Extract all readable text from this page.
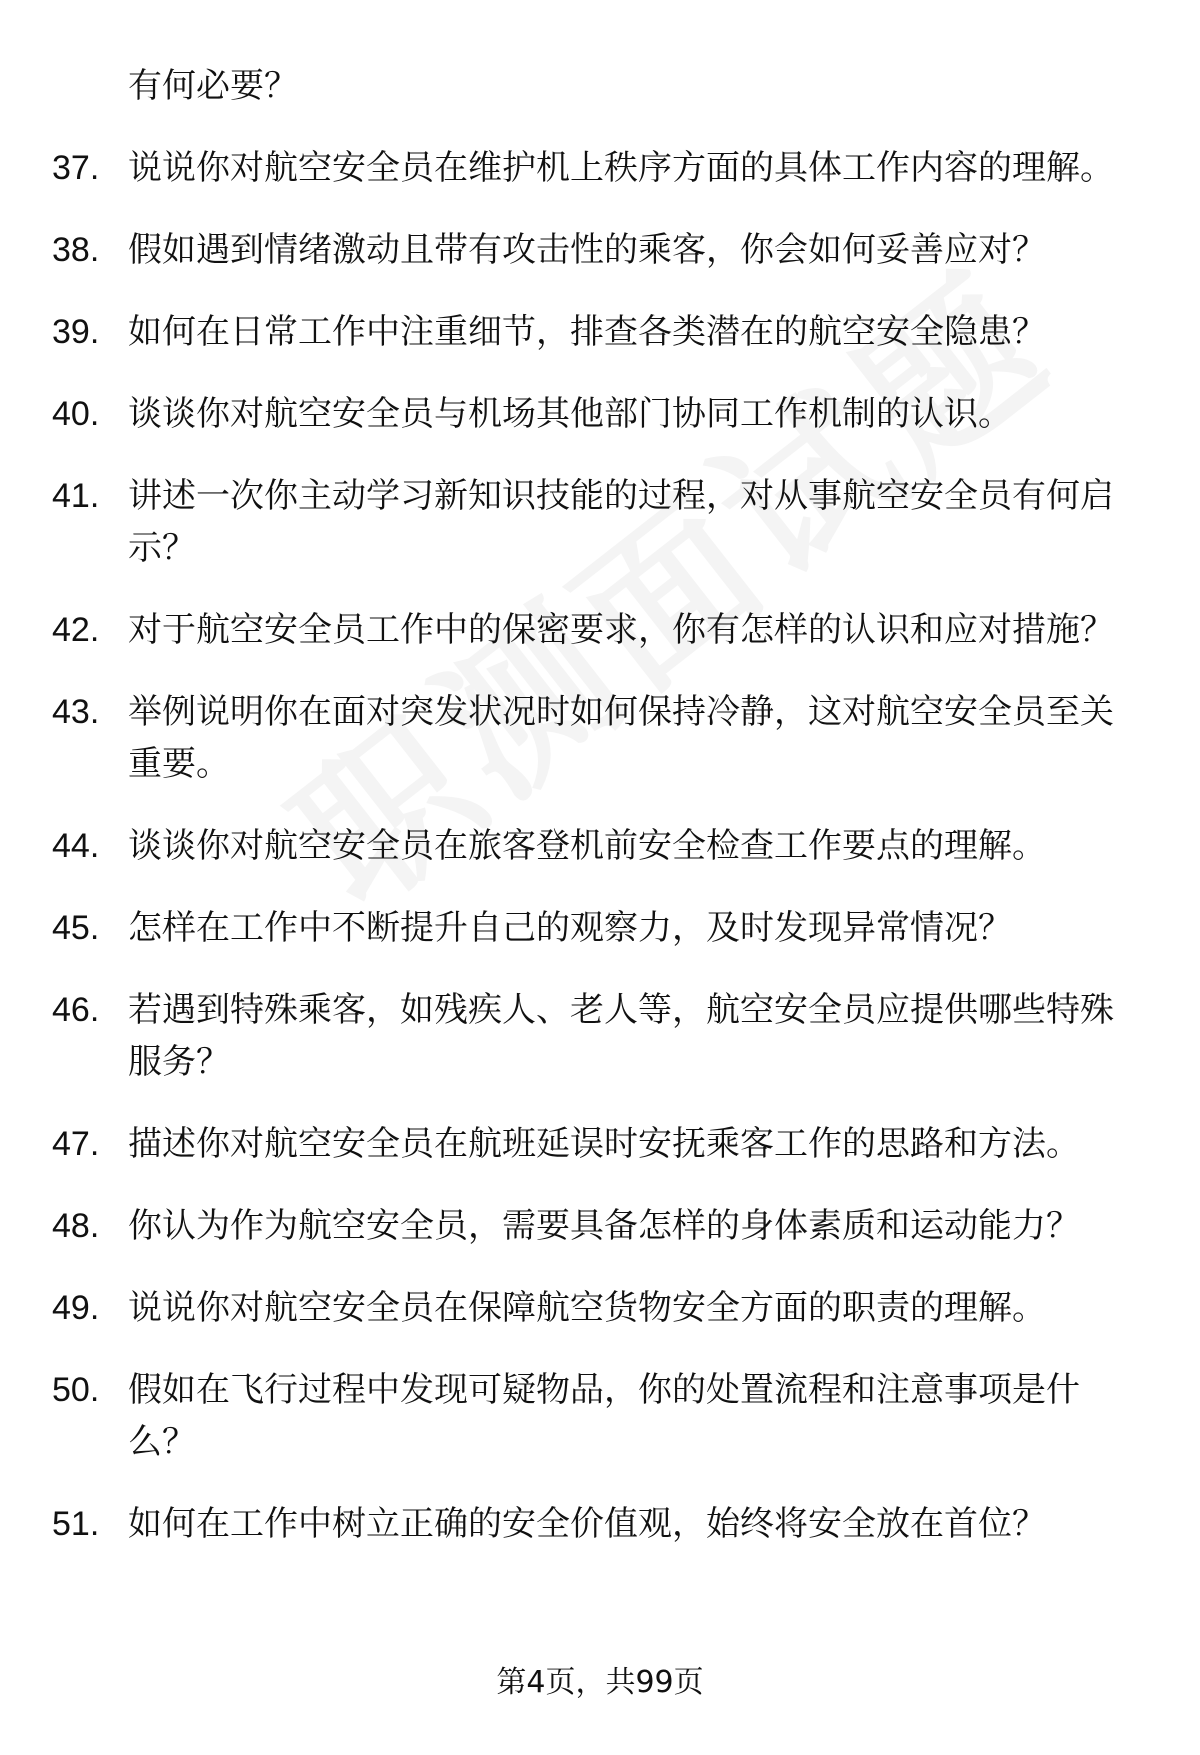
有何必要？
37. 说说你对航空安全员在维护机上秩序方面的具体工作内容的理解。
38. 假如遇到情绪激动且带有攻击性的乘客，你会如何妥善应对？
39. 如何在日常工作中注重细节，排查各类潜在的航空安全隐患？
40. 谈谈你对航空安全员与机场其他部门协同工作机制的认识。
41. 讲述一次你主动学习新知识技能的过程，对从事航空安全员有何启示？
42. 对于航空安全员工作中的保密要求，你有怎样的认识和应对措施？
43. 举例说明你在面对突发状况时如何保持冷静，这对航空安全员至关重要。
44. 谈谈你对航空安全员在旅客登机前安全检查工作要点的理解。
45. 怎样在工作中不断提升自己的观察力，及时发现异常情况？
46. 若遇到特殊乘客，如残疾人、老人等，航空安全员应提供哪些特殊服务？
47. 描述你对航空安全员在航班延误时安抚乘客工作的思路和方法。
48. 你认为作为航空安全员，需要具备怎样的身体素质和运动能力？
49. 说说你对航空安全员在保障航空货物安全方面的职责的理解。
50. 假如在飞行过程中发现可疑物品，你的处置流程和注意事项是什么？
51. 如何在工作中树立正确的安全价值观，始终将安全放在首位？
第4页，共99页
